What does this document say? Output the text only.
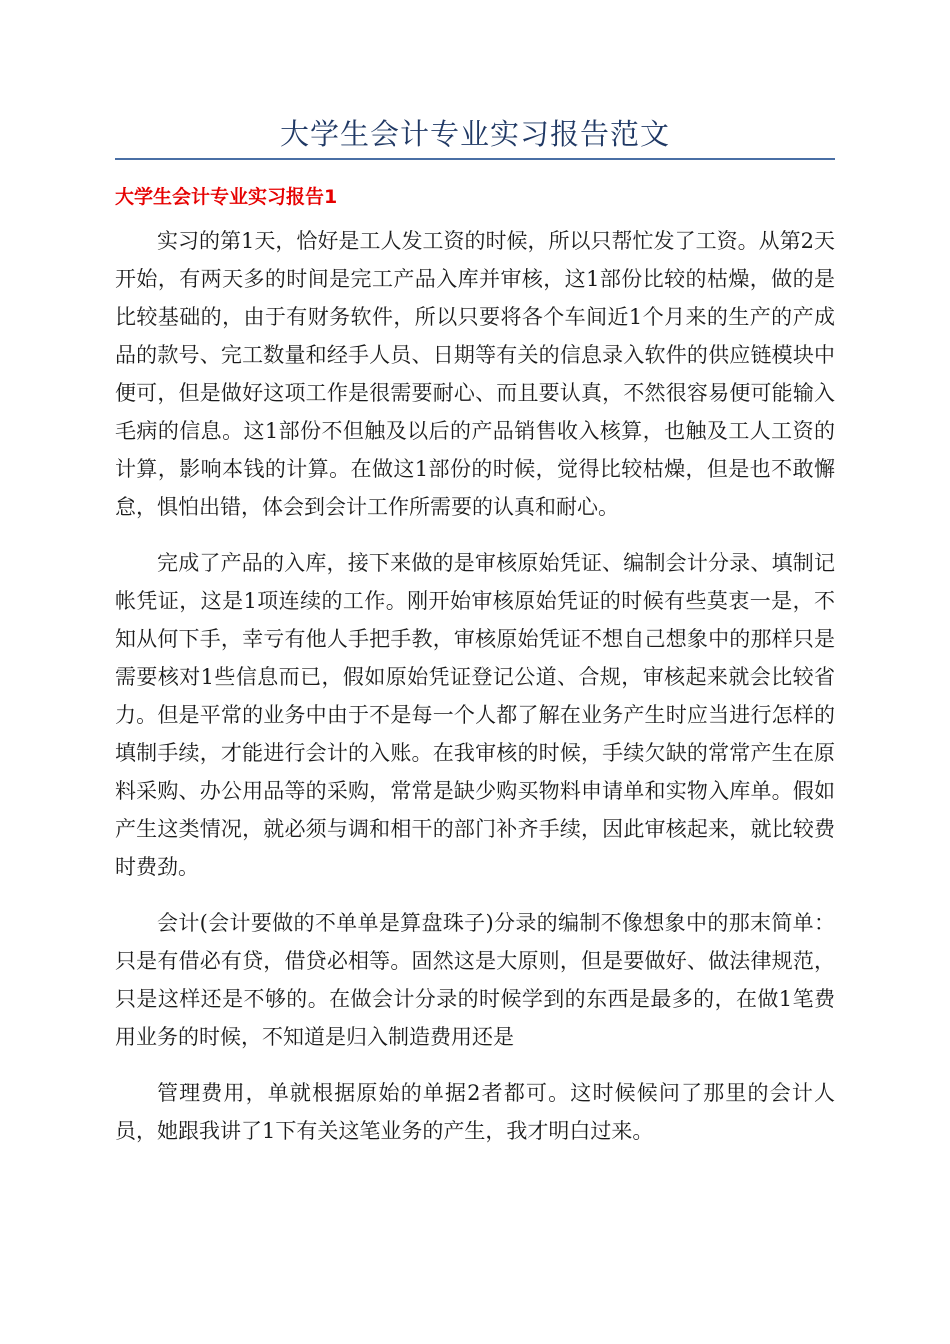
大学生会计专业实习报告范文
大学生会计专业实习报告1

实习的第1天，恰好是工人发工资的时候，所以只帮忙发了工资。从第2天开始，有两天多的时间是完工产品入库并审核，这1部份比较的枯燥，做的是比较基础的，由于有财务软件，所以只要将各个车间近1个月来的生产的产成品的款号、完工数量和经手人员、日期等有关的信息录入软件的供应链模块中便可，但是做好这项工作是很需要耐心、而且要认真，不然很容易便可能输入毛病的信息。这1部份不但触及以后的产品销售收入核算，也触及工人工资的计算，影响本钱的计算。在做这1部份的时候，觉得比较枯燥，但是也不敢懈怠，惧怕出错，体会到会计工作所需要的认真和耐心。

完成了产品的入库，接下来做的是审核原始凭证、编制会计分录、填制记帐凭证，这是1项连续的工作。刚开始审核原始凭证的时候有些莫衷一是，不知从何下手，幸亏有他人手把手教，审核原始凭证不想自己想象中的那样只是需要核对1些信息而已，假如原始凭证登记公道、合规，审核起来就会比较省力。但是平常的业务中由于不是每一个人都了解在业务产生时应当进行怎样的填制手续，才能进行会计的入账。在我审核的时候，手续欠缺的常常产生在原料采购、办公用品等的采购，常常是缺少购买物料申请单和实物入库单。假如产生这类情况，就必须与调和相干的部门补齐手续，因此审核起来，就比较费时费劲。

会计(会计要做的不单单是算盘珠子)分录的编制不像想象中的那末简单：只是有借必有贷，借贷必相等。固然这是大原则，但是要做好、做法律规范，只是这样还是不够的。在做会计分录的时候学到的东西是最多的，在做1笔费用业务的时候，不知道是归入制造费用还是

管理费用，单就根据原始的单据2者都可。这时候候问了那里的会计人员，她跟我讲了1下有关这笔业务的产生，我才明白过来。
